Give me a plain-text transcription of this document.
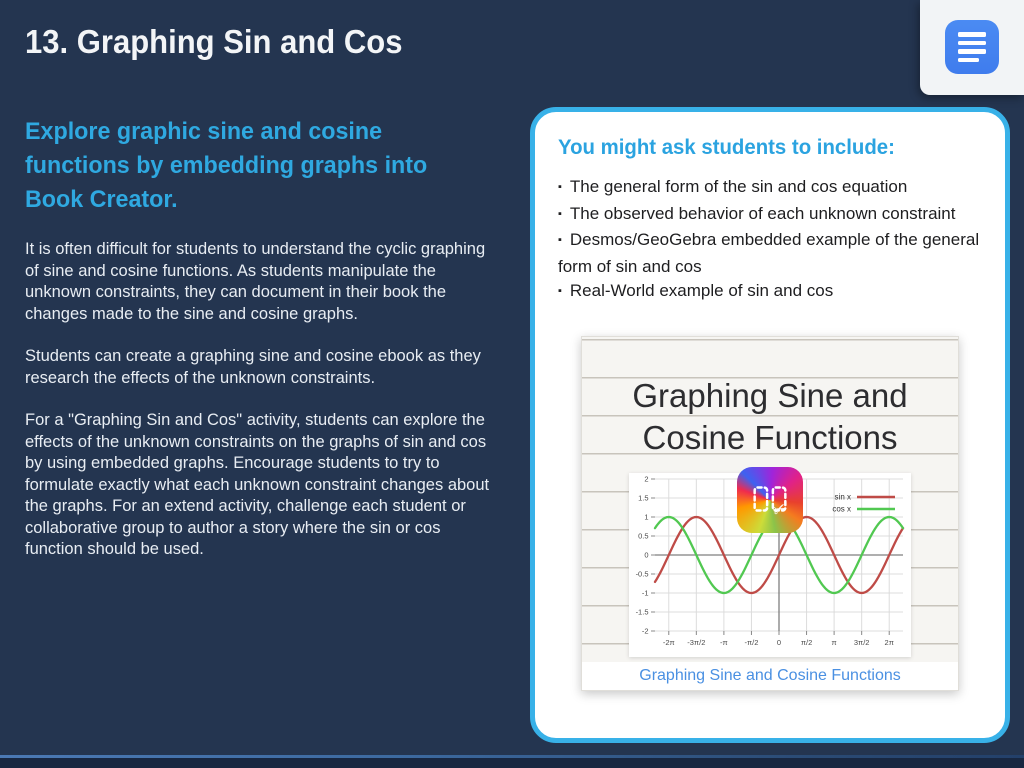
13. Graphing Sin and Cos
Explore graphic sine and cosine functions by embedding graphs into Book Creator.

It is often difficult for students to understand the cyclic graphing of sine and cosine functions. As students manipulate the unknown constraints, they can document in their book the changes made to the sine and cosine graphs.

Students can create a graphing sine and cosine ebook as they research the effects of the unknown constraints.

For a "Graphing Sin and Cos" activity, students can explore the effects of the unknown constraints on the graphs of sin and cos by using embedded graphs. Encourage students to try to formulate exactly what each unknown constraint changes about the graphs. For an extend activity, challenge each student or collaborative group to author a story where the sin or cos function should be used.

You might ask students to include:
▪ The general form of the sin and cos equation
▪ The observed behavior of each unknown constraint
▪ Desmos/GeoGebra embedded example of the general form of sin and cos
▪ Real-World example of sin and cos
Graphing Sine and Cosine Functions
2
1.5
1
0.5
0
-0.5
-1
-1.5
-2
-2π -3π/2 -π -π/2 0	π/2	π 3π/2 2π
sin x
cos x
✂
Graphing Sine and Cosine Functions
